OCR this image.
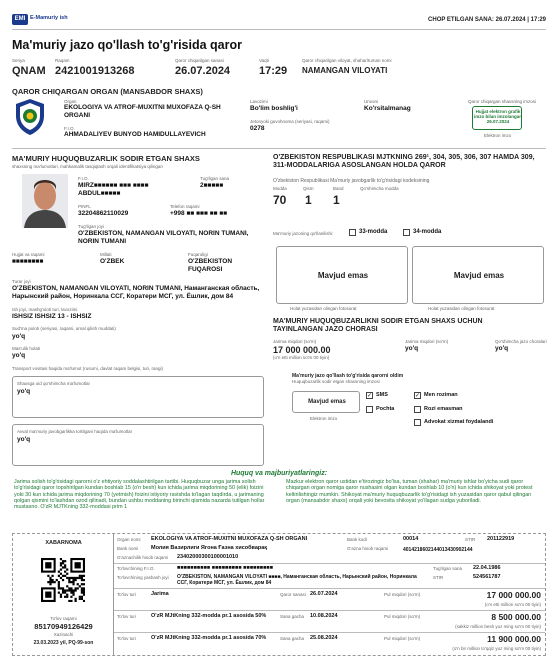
EMI E-Mamuriy ish	CHOP ETILGAN SANA: 26.07.2024 | 17:29
Ma'muriy jazo qo'llash to'g'risida qaror
Seriya
QNAM
Raqam
2421001913268
Qaror chiqarilgan sanasi
26.07.2024
Vaqti
17:29
Qaror chiqarilgan viloyat, shahar/tuman nomi
NAMANGAN VILOYATI
QAROR CHIQARGAN ORGAN (MANSABDOR SHAXS)
Organ
EKOLOGIYA VA ATROF-MUXITNI MUXOFAZA Q-SH ORGANI
F.I.O.
AHMADALIYEV BUNYOD HAMIDULLAYEVICH
Lavozimi
Bo'lim boshlig'i
Unvoni
Ko'rsitalmanag
Jetonyoki guvohnoma (seriyasi, raqami)
0278
Qaror chiqargan shaxsning imzosi
Hujjat elektron grafik imzo bilan imzolangan 26.07.2024
Elektron imzo
MA'MURIY HUQUQBUZARLIK SODIR ETGAN SHAXS
shaxsning ma'lumotlari, mahkamalik tasqiqlash orqali identifikatsiya qilingan
F.I.O.
MIRZ■■■■■■ ■■■ ■■■■
ABDUL■■■■■
Tug'ilgan sana
2■■■■■
PINFL
32204862110029
Telefon raqami
+998 ■■ ■■■ ■■ ■■
Tug'ilgan joyi
O'ZBEKISTON, NAMANGAN VILOYATI, NORIN TUMANI, NORIN TUMANI
Hujjat va raqami
■■■■■■■■
Millati
O'ZBEK
Fuqaroligi
O'ZBEKISTON FUQAROSI
Turar joyi
O'ZBEKISTON, NAMANGAN VILOYATI, NORIN TUMANI, Наманганская область, Нарынский район, Норинкала ССГ, Коратери МСГ, ул. Ёшлик, дом 84
Ish joyi, mashg'uloti turi, lavozimi
ISHSIZ ISHSIZ 13 - ISHSIZ
Sud'ma puloti (seriyasi, raqami, amal qilish muddati)
yo'q
Mas'ulik holati
yo'q
Transport vositasi haqida ma'lumot (rusumi, davlat raqam belgisi, turi, rangi)
Shaxsga oid qo'shimcha ma'lumotlar
yo'q
Avval ma'muriy javobgarlikka tortilgani haqida ma'lumotlar
yo'q
O'ZBEKISTON RESPUBLIKASI MJTKNING 269¹, 304, 305, 306, 307 HAMDA 309, 311-MODDALARIGA ASOSLANGAN HOLDA QAROR
O'zbekiston Respublikasi Ma'muriy javobgarlik to'g'risidagi kodeksining
Modda
70
Qism
1
Band
1
Qo'shimcha modda
Ma'muriy jazoning qo'llanilishi:	33-modda	34-modda
Mavjud emas
Holat yuzasidan olingan fotosurat
Mavjud emas
Holat yuzasidan olingan fotosurat
MA'MURIY HUQUQBUZARLIKNI SODIR ETGAN SHAXS UCHUN TAYINLANGAN JAZO CHORASI
Jarima miqdori (so'm)
17 000 000.00
(o'n etti million so'm 00 tiyin)
Jarima miqdori (so'm)
yo'q
Qo'shimcha jazo choralari
yo'q
Ma'muriy jazo qo'llash to'g'risida qarorni oldim
Huquqbuzarlik sodir etgan shaxsning imzosi
Mavjud emas
Elektron imzo
✓ SMS
Pochta
✓ Men roziman
Rozi emasman
Advokat xizmat foydalandi
Huquq va majburiyatlaringiz:
Jarima solish to'g'risidagi qarorni o'z ehtiyoriy soddalashtirilgan tartibi. Huquqbuzar unga jarima solish to'g'risidagi qaror topshirilgan kundan boshlab 15 (o'n besh) kun ichida jarima miqdorining 50 (elik) foizini yoki 30 kun ichida jarima miqdorining 70 (yetmish) foizini ixtiyoriy ravishda to'lagan taqdirda, u jarimaning qolgan qismini to'lashdan ozod qilinadi, bundan ushbu moddaning birinchi qismida nazarda tutilgan hollar mustasno. O'zR MJTKning 332-moddasi prim 1
Mazkur elektron qaror ustidan e'tirozingiz bo'lsa, tuman (shahar) ma'muriy ishlar bo'yicha sudi qaror chiqargan organ nomiga qaror nushasini olgan kundan boshlab 10 (o'n) kun ichida shikoyat yoki protest keltirilishingiz mumkin. Shikoyat ma'muriy huquqbuzarlik to'g'risidagi ish yuzasidan qaror qabul qilingan organ (mansabdor shaxs) orqali yoki bevosita shikoyat yo'llagan sudga yuboriladi.
XABARNOMA
To'lov raqami
85170949126429
Xazinachi
23.03.2023 yil, PQ-99-son
Organ nomi EKOLOGIYA VA ATROF-MUXITNI MUXOFAZA Q-SH ORGANI
Bank nomi Молия Вазирлиги Ягона Ғазна хисобварақ
G'aznachilik hisob raqami 23402000300100001010
Bank kodi	00014	STIR 201122919
G'azna hisob raqami	4014218602144013430902144
To'lovchining F.I.O.	■■■■■■■■■■ ■■■■■■■■■ ■■■■■■■■■	Tug'ilgan sana 22.04.1986
To'lovchining yashash joyi O'ZBEKISTON, NAMANGAN VILOYATI ■■■■, Наманганская область, Нарынский район, Норинкала ССГ, Коратери МСГ, ул. Ёшлик, дом 84
STIR	524561787
To'lov turi	Jarima	Qaror sanasi 26.07.2024	Pul miqdori (so'm)	17 000 000.00
(o'n etti million so'm 00 tiyin)
To'lov turi	O'zR MJtKning 332-modda pr.1 asosida 50%	Sana gacha 10.08.2024	Pul miqdori (so'm)	8 500 000.00
(sakkiz million besh yuz ming so'm 00 tiyin)
To'lov turi	O'zR MJtKning 332-modda pr.1 asosida 70%	Sana gacha 25.08.2024	Pul miqdori (so'm)	11 900 000.00
(o'n bir million to'qqiz yuz ming so'm 00 tiyin)
